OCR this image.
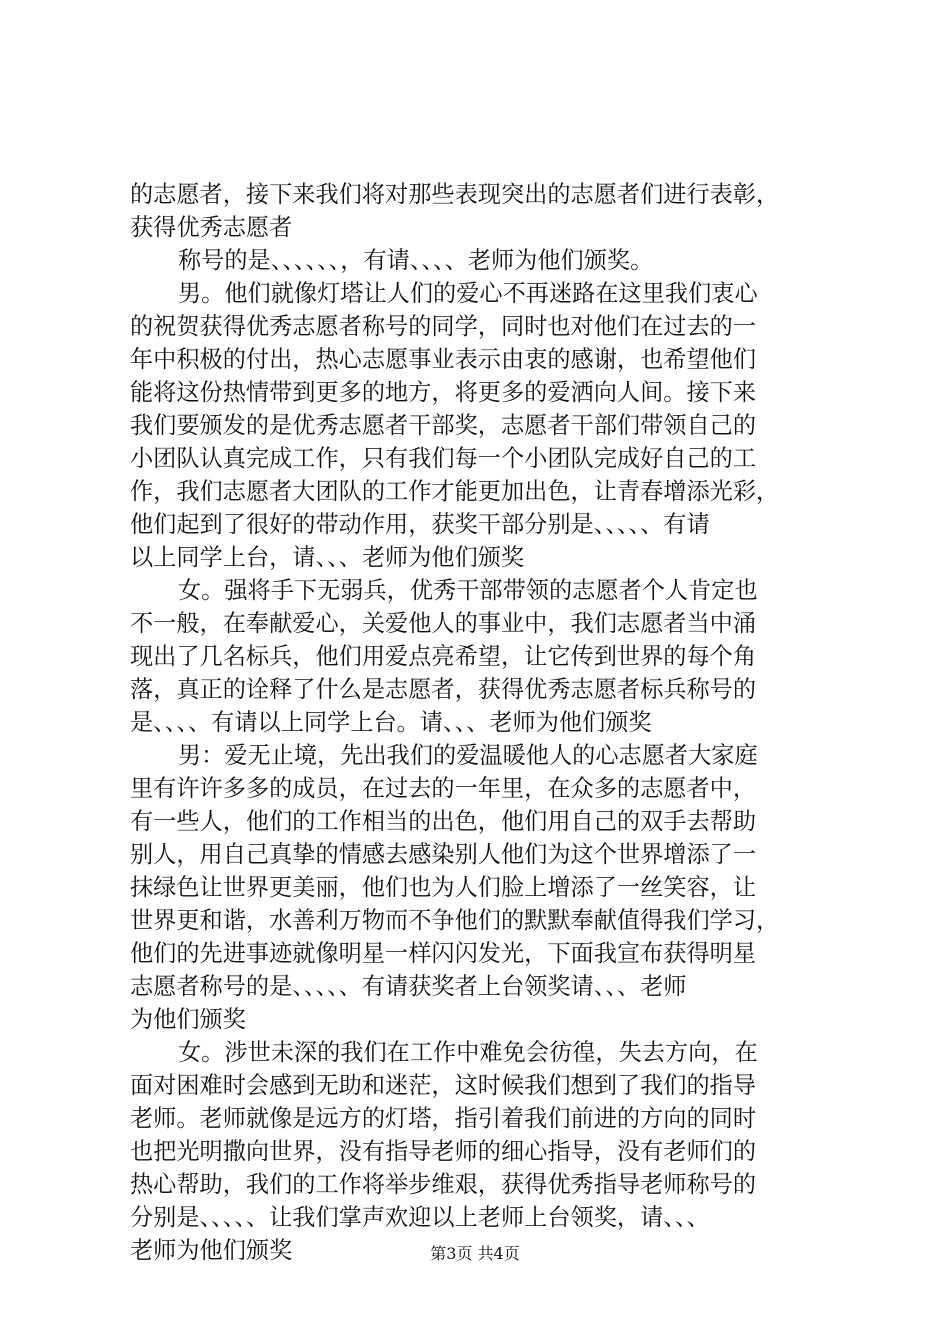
的志愿者，接下来我们将对那些表现突出的志愿者们进行表彰，
获得优秀志愿者
称号的是、、、、、、，有请、、、、老师为他们颁奖。
男。他们就像灯塔让人们的爱心不再迷路在这里我们衷心
的祝贺获得优秀志愿者称号的同学，同时也对他们在过去的一
年中积极的付出，热心志愿事业表示由衷的感谢，也希望他们
能将这份热情带到更多的地方，将更多的爱洒向人间。接下来
我们要颁发的是优秀志愿者干部奖，志愿者干部们带领自己的
小团队认真完成工作，只有我们每一个小团队完成好自己的工
作，我们志愿者大团队的工作才能更加出色，让青春增添光彩，
他们起到了很好的带动作用，获奖干部分别是、、、、、有请
以上同学上台，请、、、老师为他们颁奖
女。强将手下无弱兵，优秀干部带领的志愿者个人肯定也
不一般，在奉献爱心，关爱他人的事业中，我们志愿者当中涌
现出了几名标兵，他们用爱点亮希望，让它传到世界的每个角
落，真正的诠释了什么是志愿者，获得优秀志愿者标兵称号的
是、、、、有请以上同学上台。请、、、老师为他们颁奖
男：爱无止境，先出我们的爱温暖他人的心志愿者大家庭
里有许许多多的成员，在过去的一年里，在众多的志愿者中，
有一些人，他们的工作相当的出色，他们用自己的双手去帮助
别人，用自己真挚的情感去感染别人他们为这个世界增添了一
抹绿色让世界更美丽，他们也为人们脸上增添了一丝笑容，让
世界更和谐，水善利万物而不争他们的默默奉献值得我们学习，
他们的先进事迹就像明星一样闪闪发光，下面我宣布获得明星
志愿者称号的是、、、、、有请获奖者上台领奖请、、、老师
为他们颁奖
女。涉世未深的我们在工作中难免会彷徨，失去方向，在
面对困难时会感到无助和迷茫，这时候我们想到了我们的指导
老师。老师就像是远方的灯塔，指引着我们前进的方向的同时
也把光明撒向世界，没有指导老师的细心指导，没有老师们的
热心帮助，我们的工作将举步维艰，获得优秀指导老师称号的
分别是、、、、、让我们掌声欢迎以上老师上台领奖，请、、、
老师为他们颁奖	第3页 共4页
